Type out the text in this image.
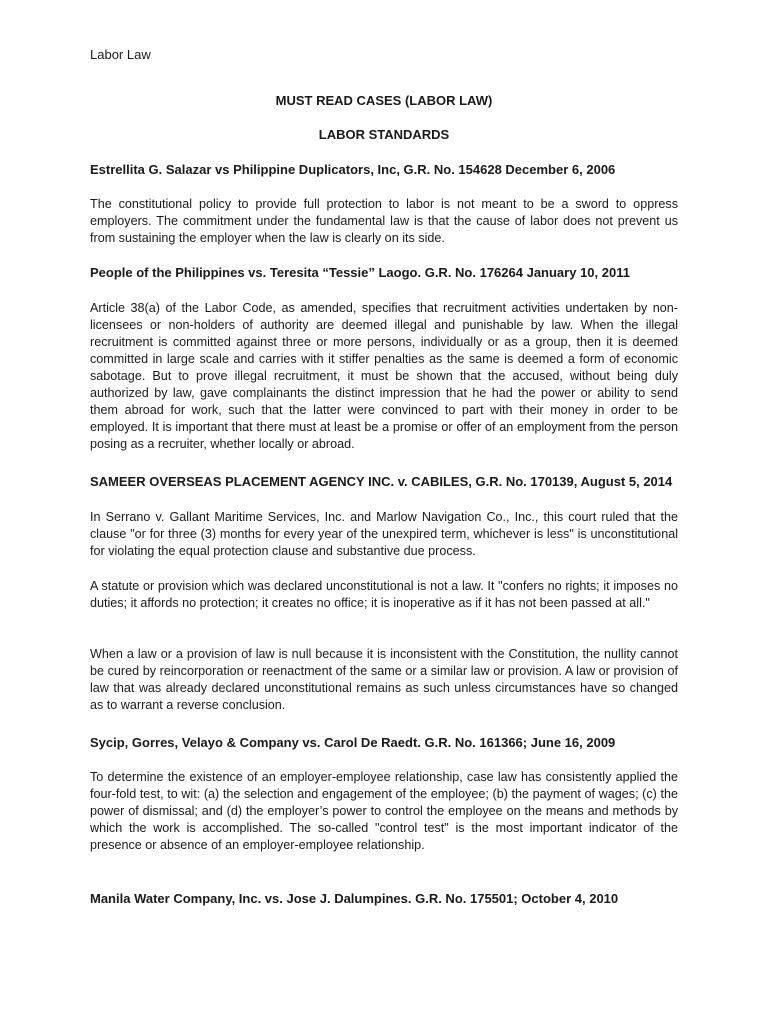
Labor Law
MUST READ CASES (LABOR LAW)
LABOR STANDARDS
Estrellita G. Salazar vs Philippine Duplicators, Inc, G.R. No. 154628 December 6, 2006
The constitutional policy to provide full protection to labor is not meant to be a sword to oppress employers. The commitment under the fundamental law is that the cause of labor does not prevent us from sustaining the employer when the law is clearly on its side.
People of the Philippines vs. Teresita “Tessie” Laogo. G.R. No. 176264 January 10, 2011
Article 38(a) of the Labor Code, as amended, specifies that recruitment activities undertaken by non-licensees or non-holders of authority are deemed illegal and punishable by law. When the illegal recruitment is committed against three or more persons, individually or as a group, then it is deemed committed in large scale and carries with it stiffer penalties as the same is deemed a form of economic sabotage. But to prove illegal recruitment, it must be shown that the accused, without being duly authorized by law, gave complainants the distinct impression that he had the power or ability to send them abroad for work, such that the latter were convinced to part with their money in order to be employed. It is important that there must at least be a promise or offer of an employment from the person posing as a recruiter, whether locally or abroad.
SAMEER OVERSEAS PLACEMENT AGENCY INC. v. CABILES, G.R. No. 170139, August 5, 2014
In Serrano v. Gallant Maritime Services, Inc. and Marlow Navigation Co., Inc., this court ruled that the clause "or for three (3) months for every year of the unexpired term, whichever is less" is unconstitutional for violating the equal protection clause and substantive due process.
A statute or provision which was declared unconstitutional is not a law. It "confers no rights; it imposes no duties; it affords no protection; it creates no office; it is inoperative as if it has not been passed at all."
When a law or a provision of law is null because it is inconsistent with the Constitution, the nullity cannot be cured by reincorporation or reenactment of the same or a similar law or provision. A law or provision of law that was already declared unconstitutional remains as such unless circumstances have so changed as to warrant a reverse conclusion.
Sycip, Gorres, Velayo & Company vs. Carol De Raedt. G.R. No. 161366; June 16, 2009
To determine the existence of an employer-employee relationship, case law has consistently applied the four-fold test, to wit: (a) the selection and engagement of the employee; (b) the payment of wages; (c) the power of dismissal; and (d) the employer’s power to control the employee on the means and methods by which the work is accomplished. The so-called "control test" is the most important indicator of the presence or absence of an employer-employee relationship.
Manila Water Company, Inc. vs. Jose J. Dalumpines. G.R. No. 175501; October 4, 2010
